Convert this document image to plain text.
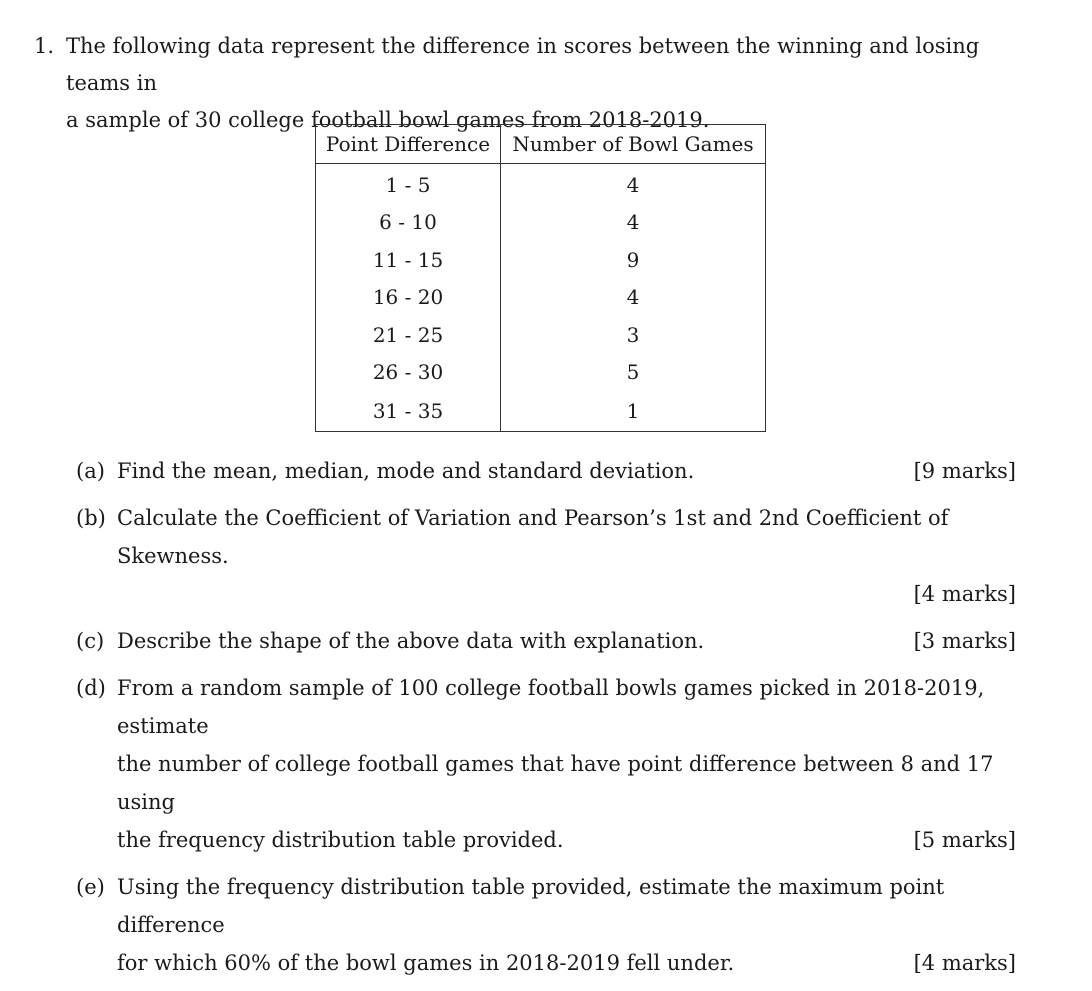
1. The following data represent the difference in scores between the winning and losing teams in
a sample of 30 college football bowl games from 2018-2019.
Point Difference	Number of Bowl Games
1 - 5	4
6 - 10	4
11 - 15	9
16 - 20	4
21 - 25	3
26 - 30	5
31 - 35	1
(a) Find the mean, median, mode and standard deviation.	[9 marks]
(b) Calculate the Coefficient of Variation and Pearson’s 1st and 2nd Coefficient of Skewness.
[4 marks]
(c) Describe the shape of the above data with explanation.	[3 marks]
(d) From a random sample of 100 college football bowls games picked in 2018-2019, estimate
the number of college football games that have point difference between 8 and 17 using
the frequency distribution table provided.	[5 marks]
(e) Using the frequency distribution table provided, estimate the maximum point difference
for which 60% of the bowl games in 2018-2019 fell under.	[4 marks]
